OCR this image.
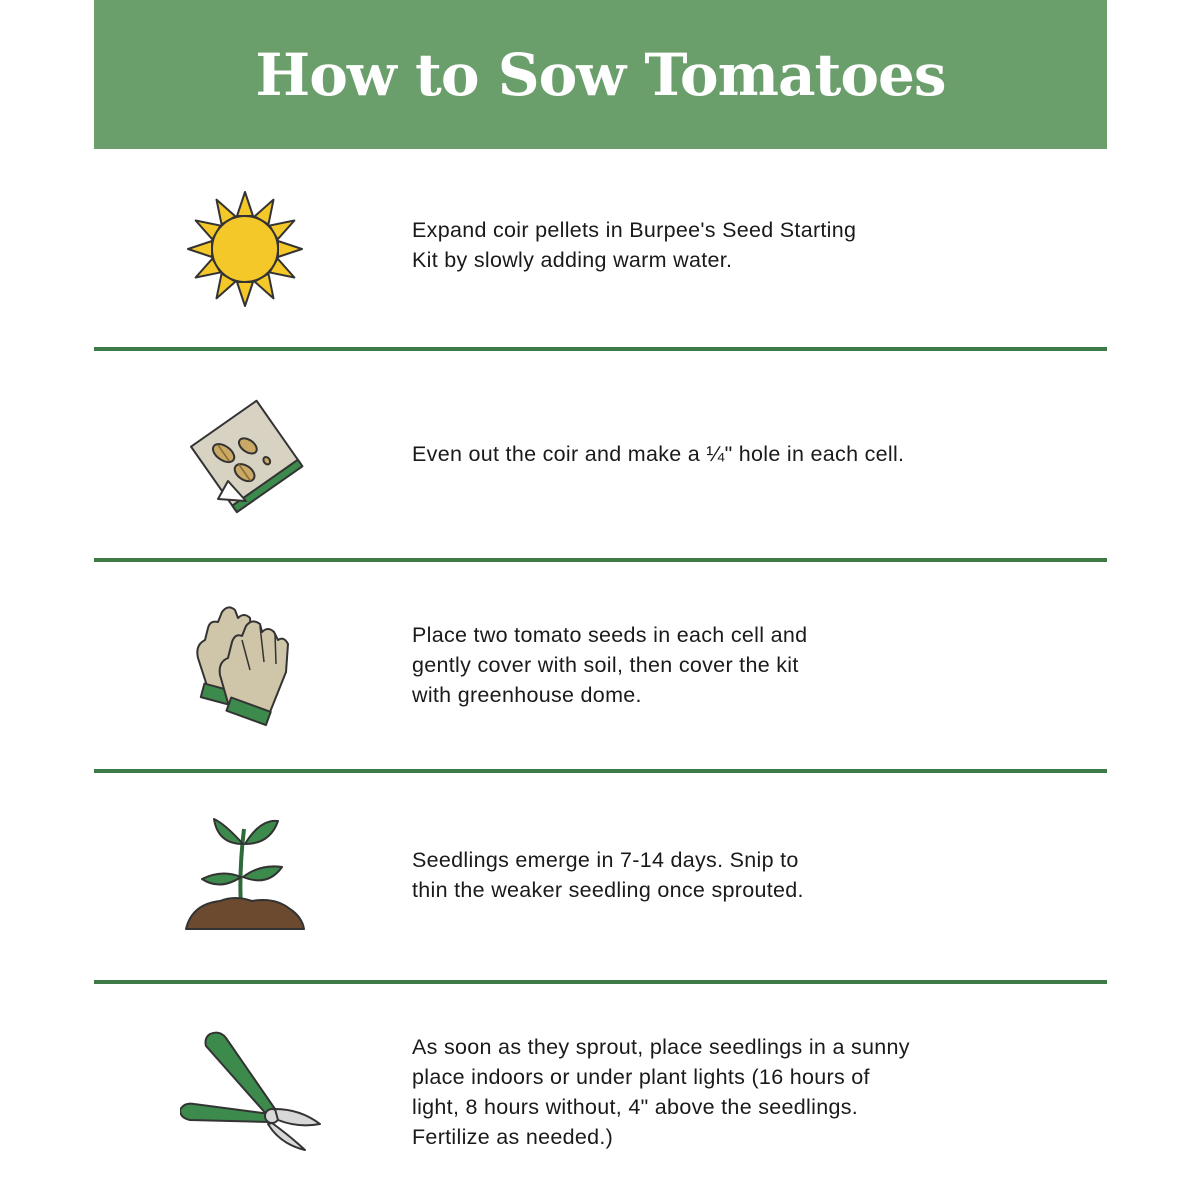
How to Sow Tomatoes
Expand coir pellets in Burpee's Seed Starting
Kit by slowly adding warm water.
Even out the coir and make a ¼" hole in each cell.
Place two tomato seeds in each cell and
gently cover with soil, then cover the kit
with greenhouse dome.
Seedlings emerge in 7-14 days. Snip to
thin the weaker seedling once sprouted.
As soon as they sprout, place seedlings in a sunny
place indoors or under plant lights (16 hours of
light, 8 hours without, 4" above the seedlings.
Fertilize as needed.)
